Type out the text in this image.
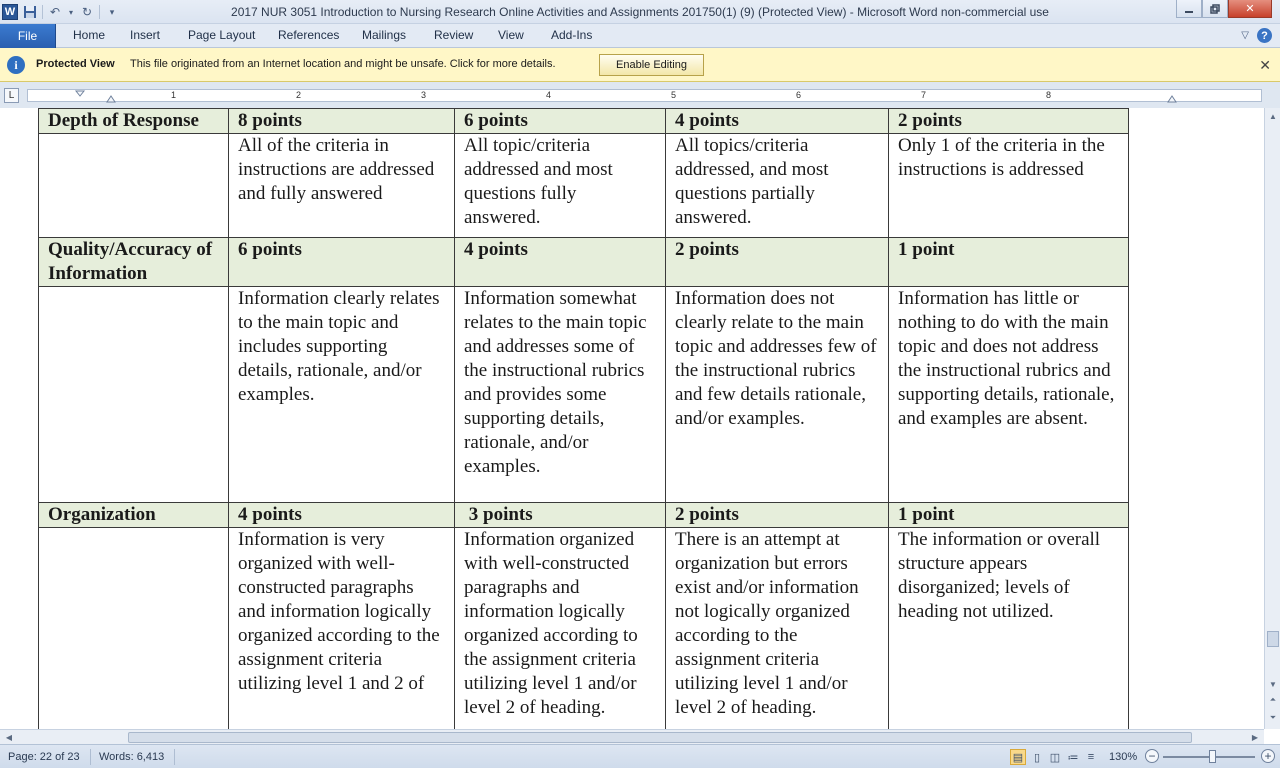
W	↶	▾ ↻	▾	2017 NUR 3051 Introduction to Nursing Research Online Activities and Assignments 201750(1) (9) (Protected View) - Microsoft Word non-commercial use	✕
File	Home Insert Page Layout References Mailings Review View Add-Ins	▽	?
i	Protected View This file originated from an Internet location and might be unsafe. Click for more details.	✕
Enable Editing
L	1	2	3	4	5	6	7	8
Depth of Response	8 points	6 points	4 points	2 points
	All of the criteria in instructions are addressed and fully answered	All topic/criteria addressed and most questions fully answered.	All topics/criteria addressed, and most questions partially answered.	Only 1 of the criteria in the instructions is addressed
Quality/Accuracy of Information	6 points	4 points	2 points	1 point
	Information clearly relates to the main topic and includes supporting details, rationale, and/or examples.	Information somewhat relates to the main topic and addresses some of the instructional rubrics and provides some supporting details, rationale, and/or examples.	Information does not clearly relate to the main topic and addresses few of the instructional rubrics and few details rationale, and/or examples.	Information has little or nothing to do with the main topic and does not address the instructional rubrics and supporting details, rationale, and examples are absent.
Organization	4 points	3 points	2 points	1 point
	Information is very organized with well-constructed paragraphs and information logically organized according to the assignment criteria utilizing level 1 and 2 of	Information organized with well-constructed paragraphs and information logically organized according to the assignment criteria utilizing level 1 and/or level 2 of heading.	There is an attempt at organization but errors exist and/or information not logically organized according to the assignment criteria utilizing level 1 and/or level 2 of heading.	The information or overall structure appears disorganized; levels of heading not utilized.
▲
▼
⏶
⏷
◀	▶
Page: 22 of 23 Words: 6,413	▤ ▯ ◫ ≔ ≡	130% −	+
